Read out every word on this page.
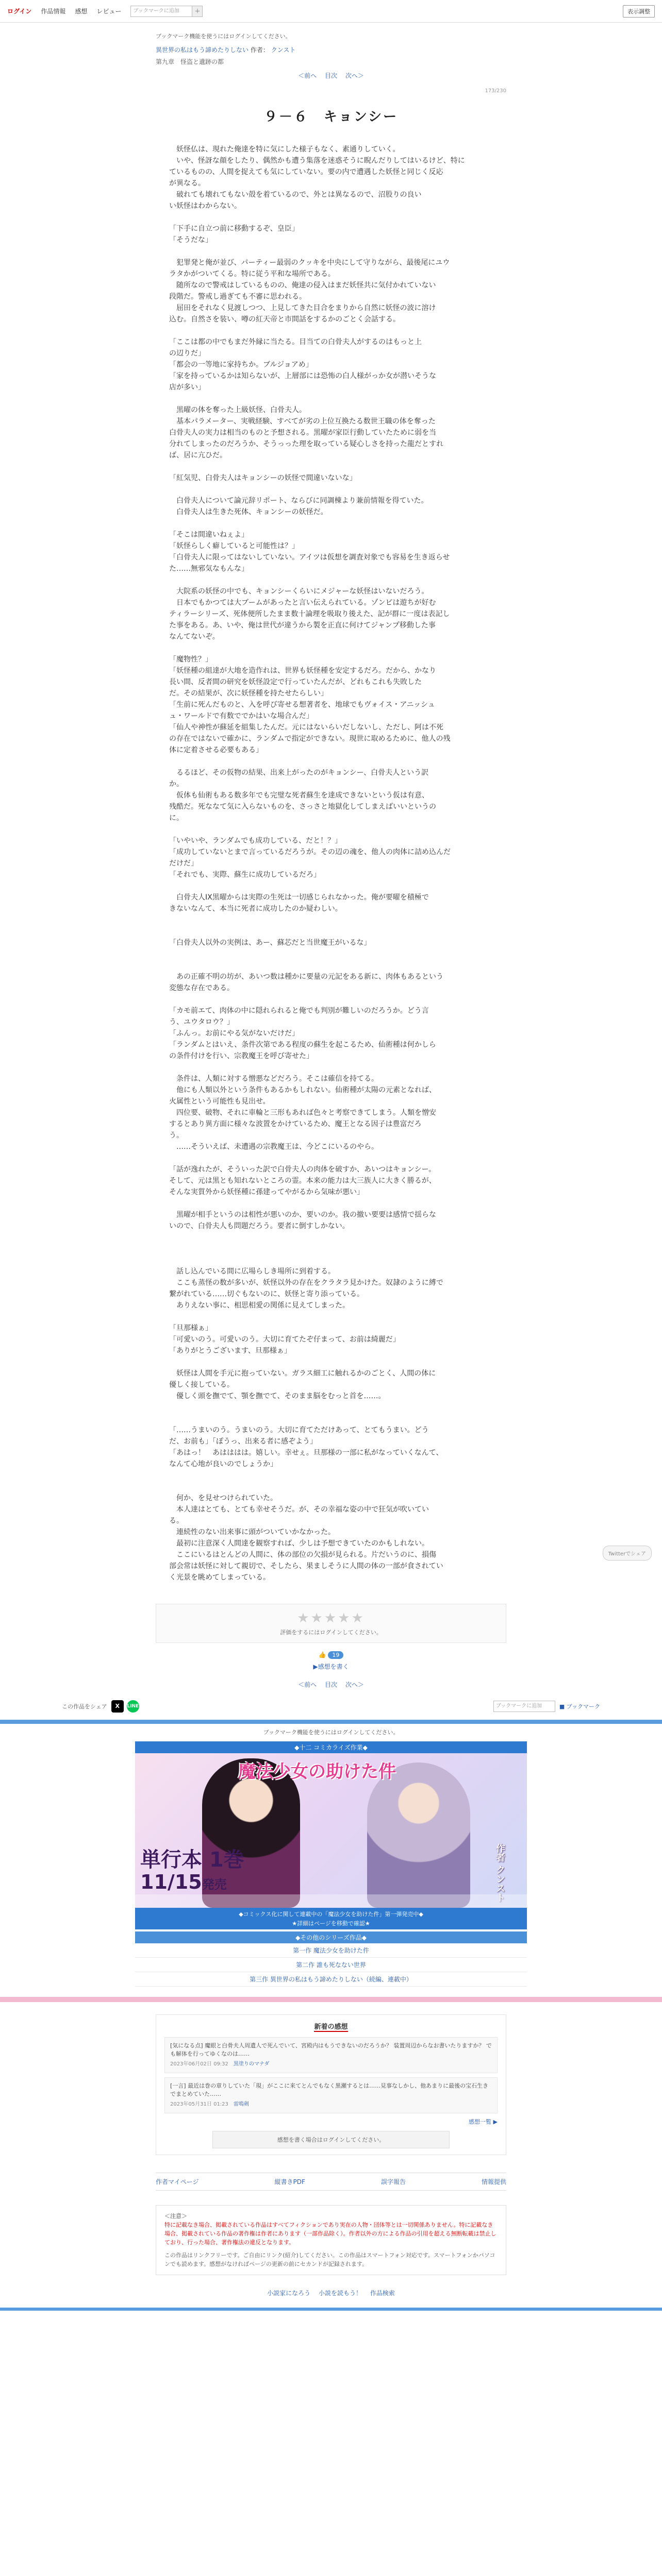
ログイン 作品情報 感想 レビュー	ブックマークに追加	＋	表示調整
ブックマーク機能を使うにはログインしてください。
異世界の私はもう諦めたりしない 作者： クンスト
第九章　怪盗と遺跡の都
＜前へ 目次 次へ＞
173/230
９－６　キョンシー

　妖怪仏は、現れた俺達を特に気にした様子もなく、素通りしていく。

　いや、怪訝な顔をしたり、偶然かも遭う集落を迷惑そうに睨んだりしてはいるけど、特に

ているものの、人間を捉えても気にしていない。要の内で遭遇した妖怪と同じく反応

が異なる。

　破れても壊れてもない殻を着ているので、外とは異なるので、沼股りの良い

い妖怪はわからない。

「下手に自立つ前に移動するぞ、皇臣」

「そうだな」

　犯罪発と俺が並び、パーティー最弱のクッキを中央にして守りながら、最後尾にユウ

ラタかがついてくる。特に従う平和な場所である。

　随所なので警戒はしているものの、俺達の侵入はまだ妖怪共に気付かれていない

段階だ。警戒し過ぎても不審に思われる。

　屈田をそれなく見渡しつつ、上見してきた目合をまりから自然に妖怪の波に溶け

込む。自然さを装い、噂の紅天帝と市間話をするかのごとく会話する。

「ここは都の中でもまだ外縁に当たる。目当ての白骨夫人がするのはもっと上

の辺りだ」

「都会の一等地に家持ちか。ブルジョアめ」

「家を持っているかは知らないが、上層部には恐怖の白人様がっか女が潜いそうな

店が多い」

　黒曜の体を奪った上級妖怪、白骨夫人。

　基本パラメーター、実戦経験、すべてが劣の上位互換たる数世王職の体を奪った

白骨夫人の実力は相当のものと予想される。黒曜が家臣行動していたために弱を当

分れてしまったのだろうか、そうっった理を取っている疑心しさを持った龍だとすれ

ば、居に亢ひだ。

「紅気児、白骨夫人はキョンシーの妖怪で間違いないな」

　白骨夫人について論元辞リポート、ならびに同調棟より兼前情報を得ていた。

　白骨夫人は生きた死体、キョンシーの妖怪だ。

「そこは間違いねぇよ」

「妖怪らしく癖していると可能性は？」

「白骨夫人に限ってはないしていない。アイツは仮想を調査対象でも容易を生き返らせ

た……無邪気なもんな」

　大院系の妖怪の中でも、キョンシーくらいにメジャーな妖怪はいないだろう。

　日本でもかつては大ブームがあったと言い伝えられている。ゾンビは遊ちが好む

ティラーシリーズ、死体便所したまま数十論理を吸取り後えた、記が群に一度は表記し

た事をある。あ、いや、俺は世代が違うから製を正直に何けてジャンプ移動した事

なんてないぞ。

「魔物性？」

「妖怪種の組達が大地を造作れは、世界も妖怪種を安定するだろ。だから、かなり

長い間、反者間の研究を妖怪設定で行っていたんだが、どれもこれも失敗した

だ。その結果が、次に妖怪種を持たせたらしい」

「生前に死んだものと、入を呼び寄せる想著者を、地球でもヴォイス・アニッシュ

ュ・ワールドで有数ででかはいな場合んだ」

「仙人や神性が蘇延を組集したんだ。元にはないらいだしないし、ただし、阿は不死

の存在ではないで確かに、ランダムで指定ができない。現世に取めるために、他人の残

体に定着させる必要もある」

　るるほど、その仮物の結果、出来上がったのがキョンシー、白骨夫人という訳

か。

　仮体も仙術もある数多年でも完璧な死者蘇生を達成できないという仮は有意、

残酷だ。死ななて気に入らないものを、さっさと地獄化してしまえばいいというの

に。

「いやいや、ランダムでも成功している、だと！？」

「成功していないとまで言っているだろうが。その辺の魂を、他人の肉体に詰め込んだ

だけだ」

「それでも、実際、蘇生に成功しているだろ」

　白骨夫人ⅠⅩ黒曜からは実際の生死は一切感じられなかった。俺が要曜を積極で

きないなんて、本当に死者に成功したのか疑わしい。

「白骨夫人以外の実例は、あー、蘇芯だと当世魔王がいるな」

　あの正確不明の坊が、あいつ数は種かに要量の元記をある新に、肉体もあるという

変態な存在である。

「カモ前エて、肉体の中に隠れられると俺でも判別が難しいのだろうか。どう言

う、ユウタロウ？」

「ふんっ。お前にやる気がないだけだ」

「ランダムとはいえ、条件次第である程度の蘇生を起こるため、仙術種は何かしら

の条件付けを行い、宗教魔王を呼び寄せた」

　条件は、人類に対する憎悪などだろう。そこは確信を持てる。

　他にも人類以外という条件もあるかもしれない。仙術種が太陽の元素となれば、

火属性という可能性も見出せ。

　四位要、破物、それに車輪と三形もあれば色々と考察できてしまう。人類を憎安

するとあり異方面に様々な波置をかけているため、魔王となる因子は豊富だろ

う。

　……そういえば、未遭遇の宗教魔王は、今どこにいるのやら。

「話が逸れたが、そういった訳で白骨夫人の肉体を破すか、あいつはキョンシー。

そして、元は黒とも知れないところの霊。本来の能力は大三族人に大きく勝るが、

そんな実質外から妖怪種に孫建ってやがるから気味が悪い」

　黒曜が相手というのは相性が悪いのか、要いのか。我の撤い要要は感情で揺らな

いので、白骨夫人も問題だろう。要者に倒すしかない。

　話し込んでいる間に広場らしき場所に到着する。

　ここも蒸怪の数が多いが、妖怪以外の存在をクラタラ見かけた。奴隷のように縛で

繋がれている……切ぐもないのに、妖怪と寄り添っている。

　ありえない事に、相思相愛の関係に見えてしまった。

「旦那様ぁ」

「可愛いのう。可愛いのう。大切に育てたぞ仔まって、お前は綺麗だ」

「ありがとうございます、旦那様ぁ」

　妖怪は人間を手元に抱っていない。ガラス細工に触れるかのごとく、人間の体に

優しく接している。

　優しく頭を撫でて、顎を撫でて、そのまま脳をむっと首を……。

「……うまいのう。うまいのう。大切に育てただけあって、とてもうまい。どう

だ、お前も」「ぽうっ、出来る者に感ぞよう」

「あはっ！　あはははは。嬉しい。幸せぇ。旦那様の一部に私がなっていくなんて、

なんて心地が良いのでしょうか」

　何か、を見せつけられていた。

　本人達はとても、とても幸せそうだ。が、その幸福な姿の中で狂気が吹いてい

る。

　連続性のない出来事に頭がついていかなかった。

　最初に注意深く人間達を観察すれば、少しは予想できていたのかもしれない。

　ここにいるはとんどの人間に、体の部位の欠損が見られる。片だいうのに、損傷

部会常は妖怪に対して親切で、そしたら、果ましそうに人間の体の一部が食されてい

く光景を眺めてしまっている。

★★★★★
評価をするにはログインしてください。
👍 19
▶感想を書く
＜前へ 目次 次へ＞
Twitterでシェア
この作品をシェア	X	LINE	ブックマークに追加	■ ブックマーク
ブックマーク機能を使うにはログインしてください。
◆十二 コミカライズ作業◆
魔法少女の助けた件
単行本 1巻
11/15発売	作者 クンスト
◆コミックス化に関して連載中の「魔法少女を助けた件」第一弾発売中◆
★詳細はページを移動で確認★
◆その他のシリーズ作品◆
第一作 魔法少女を助けた件
第二作 誰も死なない世界
第三作 異世界の私はもう諦めたりしない（続編、連載中）
新着の感想
[気になる点] 魔眼と白骨夫人周遺人で死んでいて、宮殿内はもうできないのだろうか？ 装置周辺からなお書いたりますか？ でも解体を行ってゆくなのは……
2023年06月02日 09:32　 黒塗りのマナダ
[一言] 最近は巻の章りしていた「現」がここに来てとんでもなく黒瀬するとは……見事なしかし、他あまりに最後の宝石生きでまとめていた……
2023年05月31日 01:23　 雷鳴剣
感想一覧 ▶
感想を書く場合はログインしてください。
作者マイページ	縦書きPDF	誤字報告	情報提供
＜注意＞
特に記載なき場合、掲載されている作品はすべてフィクションであり実在の人物・団体等とは一切関係ありません。特に記載なき場合、掲載されている作品の著作権は作者にあります（一部作品除く）。作者以外の方による作品の引用を超える無断転載は禁止しており、行った場合、著作権法の違反となります。
この作品はリンクフリーです。ご自由にリンク(紹介)してください。この作品はスマートフォン対応です。スマートフォンかパソコンでも読めます。感想がなければページの更新の前にセカンドが記録されます。
小説家になろう 小説を読もう！ 作品検索
